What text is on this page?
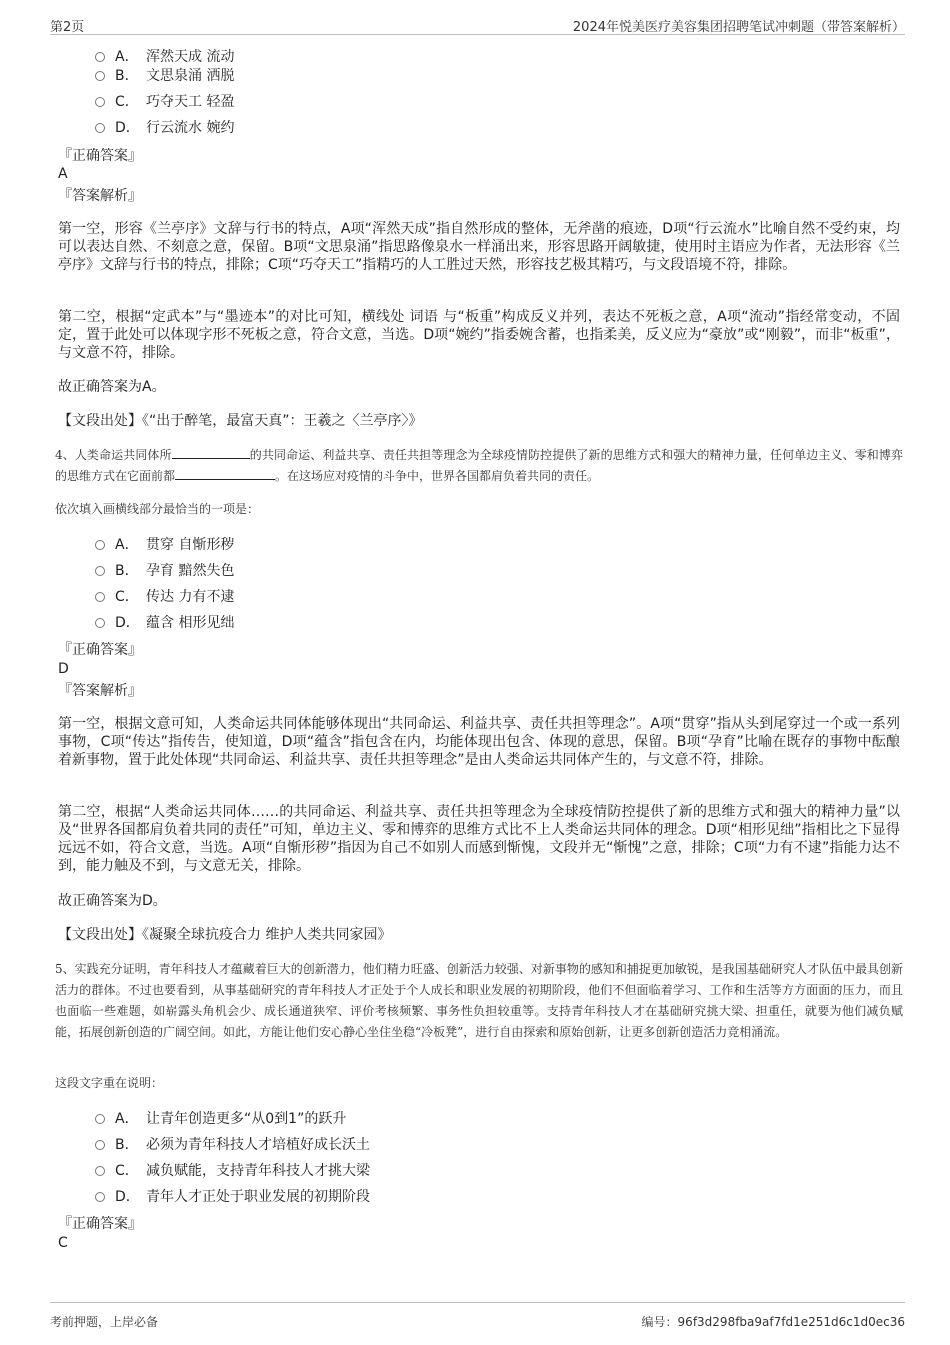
第2页	2024年悦美医疗美容集团招聘笔试冲刺题（带答案解析）
A． 浑然天成 流动
B． 文思泉涌 洒脱
C． 巧夺天工 轻盈
D． 行云流水 婉约
『正确答案』
A
『答案解析』
第一空，形容《兰亭序》文辞与行书的特点，A项“浑然天成”指自然形成的整体，无斧凿的痕迹，D项“行云流水”比喻自然不受约束，均可以表达自然、不刻意之意，保留。B项“文思泉涌”指思路像泉水一样涌出来，形容思路开阔敏捷，使用时主语应为作者，无法形容《兰亭序》文辞与行书的特点，排除；C项“巧夺天工”指精巧的人工胜过天然，形容技艺极其精巧，与文段语境不符，排除。
第二空，根据“定武本”与“墨迹本”的对比可知，横线处 词语 与“板重”构成反义并列，表达不死板之意，A项“流动”指经常变动，不固定，置于此处可以体现字形不死板之意，符合文意，当选。D项“婉约”指委婉含蓄，也指柔美，反义应为“豪放”或“刚毅”，而非“板重”，与文意不符，排除。
故正确答案为A。
【文段出处】《“出于醉笔，最富天真”：王羲之〈兰亭序〉》
4、人类命运共同体所	的共同命运、利益共享、责任共担等理念为全球疫情防控提供了新的思维方式和强大的精神力量，任何单边主义、零和博弈的思维方式在它面前都	。在这场应对疫情的斗争中，世界各国都肩负着共同的责任。
依次填入画横线部分最恰当的一项是：
A． 贯穿 自惭形秽
B． 孕育 黯然失色
C． 传达 力有不逮
D． 蕴含 相形见绌
『正确答案』
D
『答案解析』
第一空，根据文意可知，人类命运共同体能够体现出“共同命运、利益共享、责任共担等理念”。A项“贯穿”指从头到尾穿过一个或一系列事物，C项“传达”指传告，使知道，D项“蕴含”指包含在内，均能体现出包含、体现的意思，保留。B项“孕育”比喻在既存的事物中酝酿着新事物，置于此处体现“共同命运、利益共享、责任共担等理念”是由人类命运共同体产生的，与文意不符，排除。
第二空，根据“人类命运共同体……的共同命运、利益共享、责任共担等理念为全球疫情防控提供了新的思维方式和强大的精神力量”以及“世界各国都肩负着共同的责任”可知，单边主义、零和博弈的思维方式比不上人类命运共同体的理念。D项“相形见绌”指相比之下显得远远不如，符合文意，当选。A项“自惭形秽”指因为自己不如别人而感到惭愧，文段并无“惭愧”之意，排除；C项“力有不逮”指能力达不到，能力触及不到，与文意无关，排除。
故正确答案为D。
【文段出处】《凝聚全球抗疫合力 维护人类共同家园》
5、实践充分证明，青年科技人才蕴藏着巨大的创新潜力，他们精力旺盛、创新活力较强、对新事物的感知和捕捉更加敏锐，是我国基础研究人才队伍中最具创新活力的群体。不过也要看到，从事基础研究的青年科技人才正处于个人成长和职业发展的初期阶段，他们不但面临着学习、工作和生活等方方面面的压力，而且也面临一些难题，如崭露头角机会少、成长通道狭窄、评价考核频繁、事务性负担较重等。支持青年科技人才在基础研究挑大梁、担重任，就要为他们减负赋能，拓展创新创造的广阔空间。如此，方能让他们安心静心坐住坐稳“冷板凳”，进行自由探索和原始创新，让更多创新创造活力竞相涌流。
这段文字重在说明：
A． 让青年创造更多“从0到1”的跃升
B． 必须为青年科技人才培植好成长沃土
C． 减负赋能，支持青年科技人才挑大梁
D． 青年人才正处于职业发展的初期阶段
『正确答案』
C
考前押题，上岸必备	编号：96f3d298fba9af7fd1e251d6c1d0ec36
